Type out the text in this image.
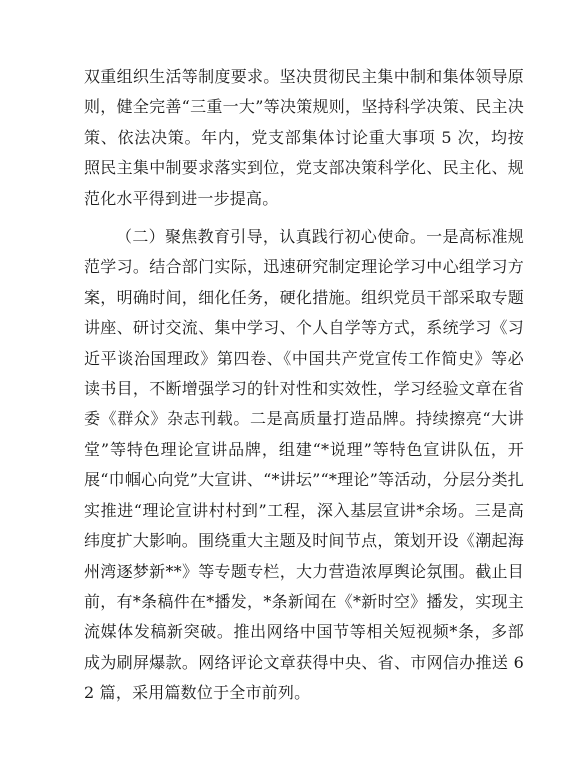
双重组织生活等制度要求。坚决贯彻民主集中制和集体领导原则，健全完善“三重一大”等决策规则，坚持科学决策、民主决策、依法决策。年内，党支部集体讨论重大事项 5 次，均按照民主集中制要求落实到位，党支部决策科学化、民主化、规范化水平得到进一步提高。

（二）聚焦教育引导，认真践行初心使命。一是高标准规范学习。结合部门实际，迅速研究制定理论学习中心组学习方案，明确时间，细化任务，硬化措施。组织党员干部采取专题讲座、研讨交流、集中学习、个人自学等方式，系统学习《习近平谈治国理政》第四卷、《中国共产党宣传工作简史》等必读书目，不断增强学习的针对性和实效性，学习经验文章在省委《群众》杂志刊载。二是高质量打造品牌。持续擦亮“大讲堂”等特色理论宣讲品牌，组建“*说理”等特色宣讲队伍，开展“巾帼心向党”大宣讲、“*讲坛”“*理论”等活动，分层分类扎实推进“理论宣讲村村到”工程，深入基层宣讲*余场。三是高纬度扩大影响。围绕重大主题及时间节点，策划开设《潮起海州湾逐梦新**》等专题专栏，大力营造浓厚舆论氛围。截止目前，有*条稿件在*播发，*条新闻在《*新时空》播发，实现主流媒体发稿新突破。推出网络中国节等相关短视频*条，多部成为刷屏爆款。网络评论文章获得中央、省、市网信办推送 62 篇，采用篇数位于全市前列。
